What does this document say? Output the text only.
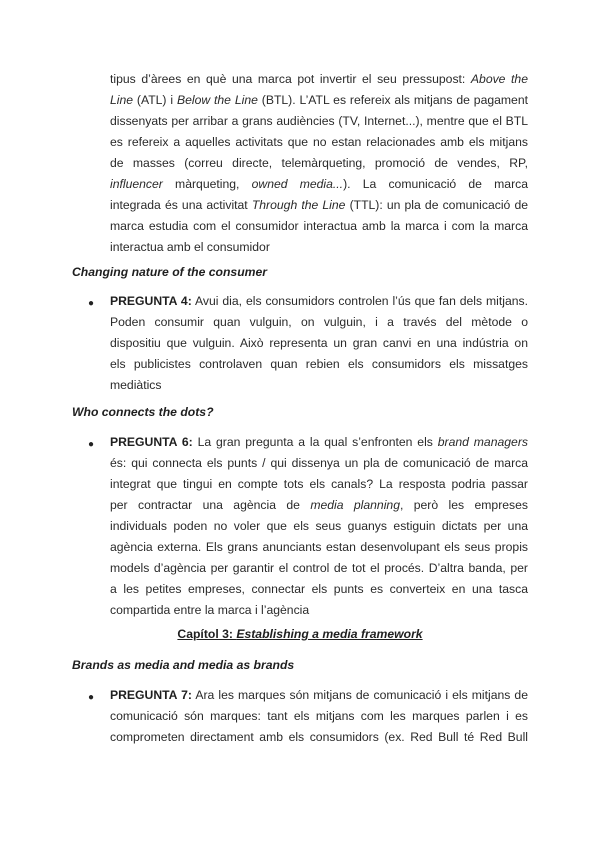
tipus d’àrees en què una marca pot invertir el seu pressupost: Above the
Line (ATL) i Below the Line (BTL). L’ATL es refereix als mitjans de pagament
dissenyats per arribar a grans audiències (TV, Internet...), mentre que el BTL
es refereix a aquelles activitats que no estan relacionades amb els mitjans
de masses (correu directe, telemàrqueting, promoció de vendes, RP,
influencer màrqueting, owned media...). La comunicació de marca
integrada és una activitat Through the Line (TTL): un pla de comunicació de
marca estudia com el consumidor interactua amb la marca i com la marca
interactua amb el consumidor
Changing nature of the consumer
● PREGUNTA 4: Avui dia, els consumidors controlen l’ús que fan dels mitjans.
Poden consumir quan vulguin, on vulguin, i a través del mètode o
dispositiu que vulguin. Això representa un gran canvi en una indústria on
els publicistes controlaven quan rebien els consumidors els missatges
mediàtics
Who connects the dots?
● PREGUNTA 6: La gran pregunta a la qual s’enfronten els brand managers
és: qui connecta els punts / qui dissenya un pla de comunicació de marca
integrat que tingui en compte tots els canals? La resposta podria passar
per contractar una agència de media planning, però les empreses
individuals poden no voler que els seus guanys estiguin dictats per una
agència externa. Els grans anunciants estan desenvolupant els seus propis
models d’agència per garantir el control de tot el procés. D’altra banda, per
a les petites empreses, connectar els punts es converteix en una tasca
compartida entre la marca i l’agència
Capítol 3: Establishing a media framework
Brands as media and media as brands
● PREGUNTA 7: Ara les marques són mitjans de comunicació i els mitjans de
comunicació són marques: tant els mitjans com les marques parlen i es
comprometen directament amb els consumidors (ex. Red Bull té Red Bull
